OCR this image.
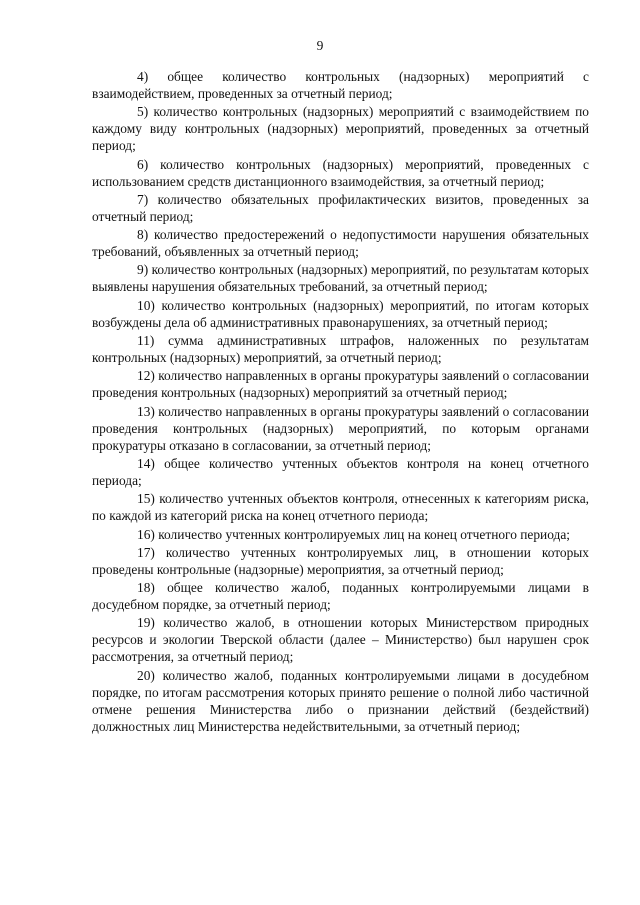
9

4) общее количество контрольных (надзорных) мероприятий с взаимодействием, проведенных за отчетный период;

5) количество контрольных (надзорных) мероприятий с взаимодействием по каждому виду контрольных (надзорных) мероприятий, проведенных за отчетный период;

6) количество контрольных (надзорных) мероприятий, проведенных с использованием средств дистанционного взаимодействия, за отчетный период;

7) количество обязательных профилактических визитов, проведенных за отчетный период;

8) количество предостережений о недопустимости нарушения обязательных требований, объявленных за отчетный период;

9) количество контрольных (надзорных) мероприятий, по результатам которых выявлены нарушения обязательных требований, за отчетный период;

10) количество контрольных (надзорных) мероприятий, по итогам которых возбуждены дела об административных правонарушениях, за отчетный период;

11) сумма административных штрафов, наложенных по результатам контрольных (надзорных) мероприятий, за отчетный период;

12) количество направленных в органы прокуратуры заявлений о согласовании проведения контрольных (надзорных) мероприятий за отчетный период;

13) количество направленных в органы прокуратуры заявлений о согласовании проведения контрольных (надзорных) мероприятий, по которым органами прокуратуры отказано в согласовании, за отчетный период;

14) общее количество учтенных объектов контроля на конец отчетного периода;

15) количество учтенных объектов контроля, отнесенных к категориям риска, по каждой из категорий риска на конец отчетного периода;

16) количество учтенных контролируемых лиц на конец отчетного периода;

17) количество учтенных контролируемых лиц, в отношении которых проведены контрольные (надзорные) мероприятия, за отчетный период;

18) общее количество жалоб, поданных контролируемыми лицами в досудебном порядке, за отчетный период;

19) количество жалоб, в отношении которых Министерством природных ресурсов и экологии Тверской области (далее – Министерство) был нарушен срок рассмотрения, за отчетный период;

20) количество жалоб, поданных контролируемыми лицами в досудебном порядке, по итогам рассмотрения которых принято решение о полной либо частичной отмене решения Министерства либо о признании действий (бездействий) должностных лиц Министерства недействительными, за отчетный период;
